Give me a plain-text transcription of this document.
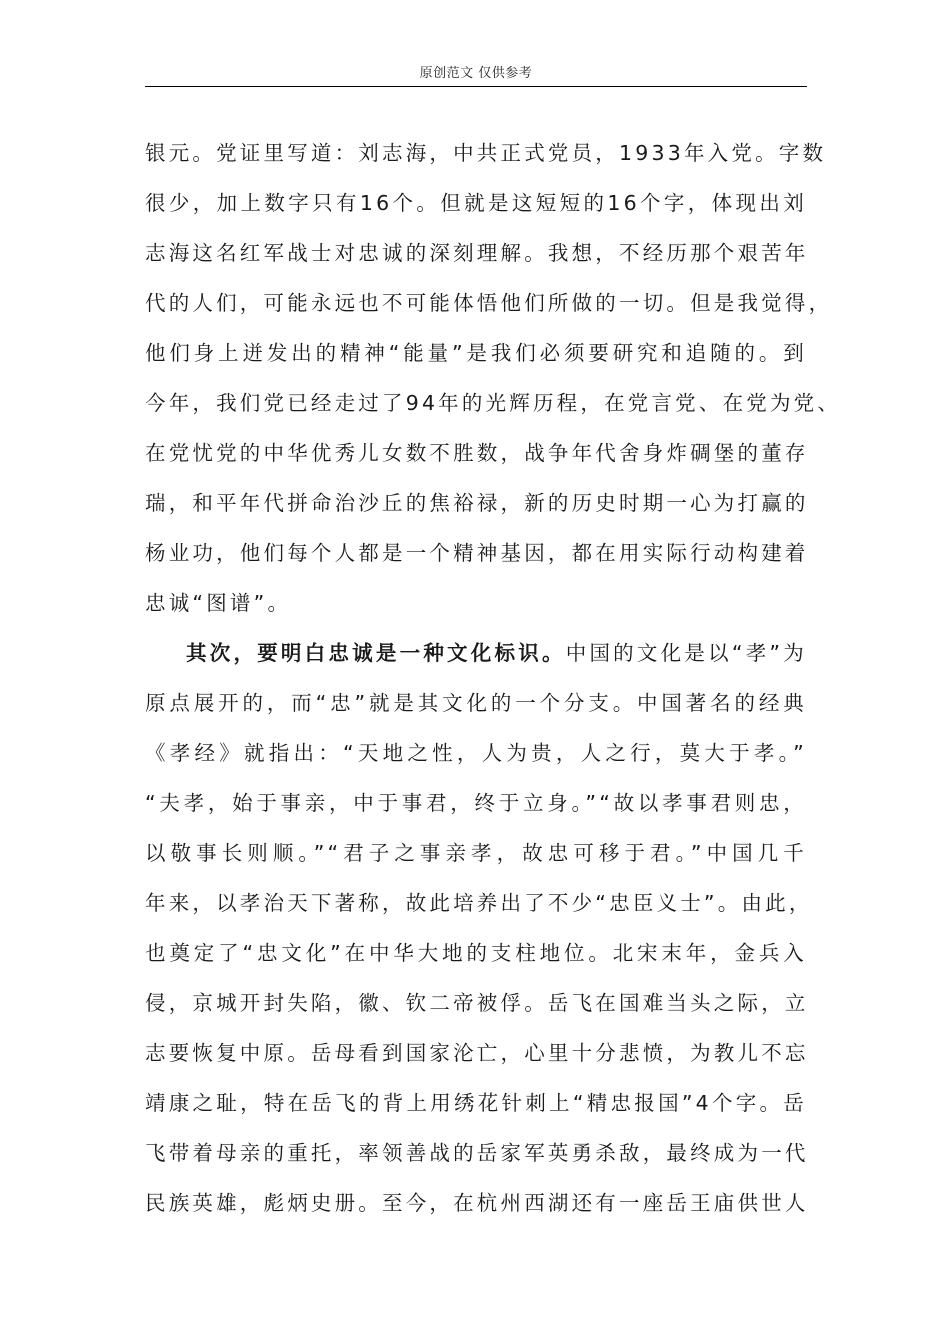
原创范文 仅供参考
银元。党证里写道：刘志海，中共正式党员，1933年入党。字数
很少，加上数字只有16个。但就是这短短的16个字，体现出刘
志海这名红军战士对忠诚的深刻理解。我想，不经历那个艰苦年
代的人们，可能永远也不可能体悟他们所做的一切。但是我觉得，
他们身上迸发出的精神“能量”是我们必须要研究和追随的。到
今年，我们党已经走过了94年的光辉历程，在党言党、在党为党、
在党忧党的中华优秀儿女数不胜数，战争年代舍身炸碉堡的董存
瑞，和平年代拼命治沙丘的焦裕禄，新的历史时期一心为打赢的
杨业功，他们每个人都是一个精神基因，都在用实际行动构建着
忠诚“图谱”。
其次，要明白忠诚是一种文化标识。中国的文化是以“孝”为
原点展开的，而“忠”就是其文化的一个分支。中国著名的经典
《孝经》就指出：“天地之性，人为贵，人之行，莫大于孝。”
“夫孝，始于事亲，中于事君，终于立身。”“故以孝事君则忠，
以敬事长则顺。”“君子之事亲孝，故忠可移于君。”中国几千
年来，以孝治天下著称，故此培养出了不少“忠臣义士”。由此，
也奠定了“忠文化”在中华大地的支柱地位。北宋末年，金兵入
侵，京城开封失陷，徽、钦二帝被俘。岳飞在国难当头之际，立
志要恢复中原。岳母看到国家沦亡，心里十分悲愤，为教儿不忘
靖康之耻，特在岳飞的背上用绣花针刺上“精忠报国”4个字。岳
飞带着母亲的重托，率领善战的岳家军英勇杀敌，最终成为一代
民族英雄，彪炳史册。至今，在杭州西湖还有一座岳王庙供世人
